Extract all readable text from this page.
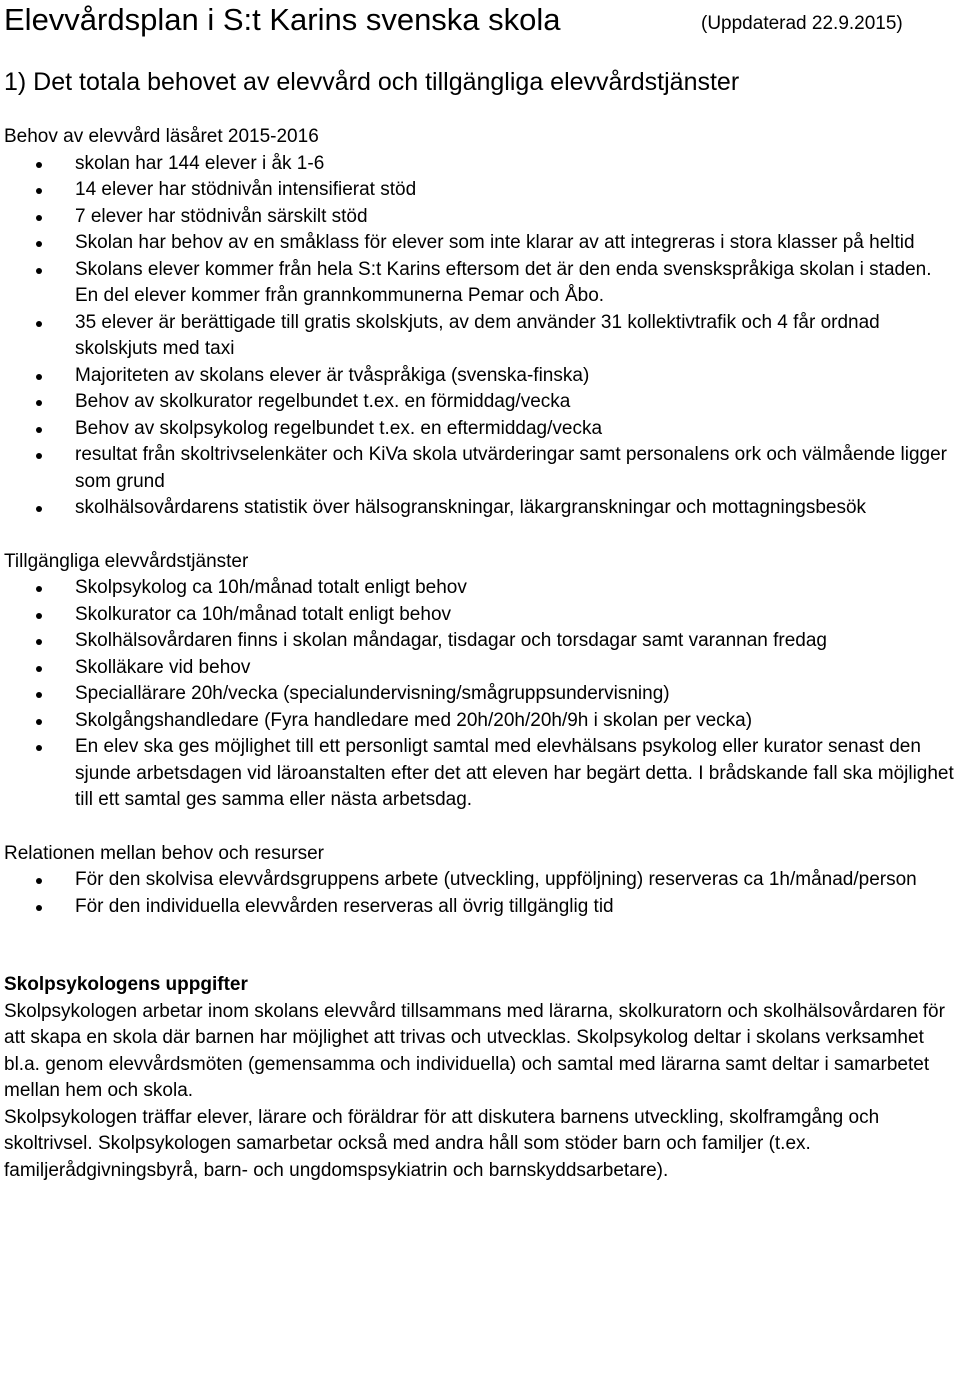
Elevvårdsplan i S:t Karins svenska skola	(Uppdaterad 22.9.2015)
1) Det totala behovet av elevvård och tillgängliga elevvårdstjänster
Behov av elevvård läsåret 2015-2016
skolan har 144 elever i åk 1-6
14 elever har stödnivån intensifierat stöd
7 elever har stödnivån särskilt stöd
Skolan har behov av en småklass för elever som inte klarar av att integreras i stora klasser på heltid
Skolans elever kommer från hela S:t Karins eftersom det är den enda svenskspråkiga skolan i staden. En del elever kommer från grannkommunerna Pemar och Åbo.
35 elever är berättigade till gratis skolskjuts, av dem använder 31 kollektivtrafik och 4 får ordnad skolskjuts med taxi
Majoriteten av skolans elever är tvåspråkiga (svenska-finska)
Behov av skolkurator regelbundet t.ex. en förmiddag/vecka
Behov av skolpsykolog regelbundet t.ex. en eftermiddag/vecka
resultat från skoltrivselenkäter och KiVa skola utvärderingar samt personalens ork och välmående ligger som grund
skolhälsovårdarens statistik över hälsogranskningar, läkargranskningar och mottagningsbesök
Tillgängliga elevvårdstjänster
Skolpsykolog ca 10h/månad totalt enligt behov
Skolkurator ca 10h/månad totalt enligt behov
Skolhälsovårdaren finns i skolan måndagar, tisdagar och torsdagar samt varannan fredag
Skolläkare vid behov
Speciallärare 20h/vecka (specialundervisning/smågruppsundervisning)
Skolgångshandledare (Fyra handledare med 20h/20h/20h/9h i skolan per vecka)
En elev ska ges möjlighet till ett personligt samtal med elevhälsans psykolog eller kurator senast den sjunde arbetsdagen vid läroanstalten efter det att eleven har begärt detta. I brådskande fall ska möjlighet till ett samtal ges samma eller nästa arbetsdag.
Relationen mellan behov och resurser
För den skolvisa elevvårdsgruppens arbete (utveckling, uppföljning) reserveras ca 1h/månad/person
För den individuella elevvården reserveras all övrig tillgänglig tid
Skolpsykologens uppgifter

Skolpsykologen arbetar inom skolans elevvård tillsammans med lärarna, skolkuratorn och skolhälsovårdaren för att skapa en skola där barnen har möjlighet att trivas och utvecklas. Skolpsykolog deltar i skolans verksamhet bl.a. genom elevvårdsmöten (gemensamma och individuella) och samtal med lärarna samt deltar i samarbetet mellan hem och skola.

Skolpsykologen träffar elever, lärare och föräldrar för att diskutera barnens utveckling, skolframgång och skoltrivsel. Skolpsykologen samarbetar också med andra håll som stöder barn och familjer (t.ex. familjerådgivningsbyrå, barn- och ungdomspsykiatrin och barnskyddsarbetare).
